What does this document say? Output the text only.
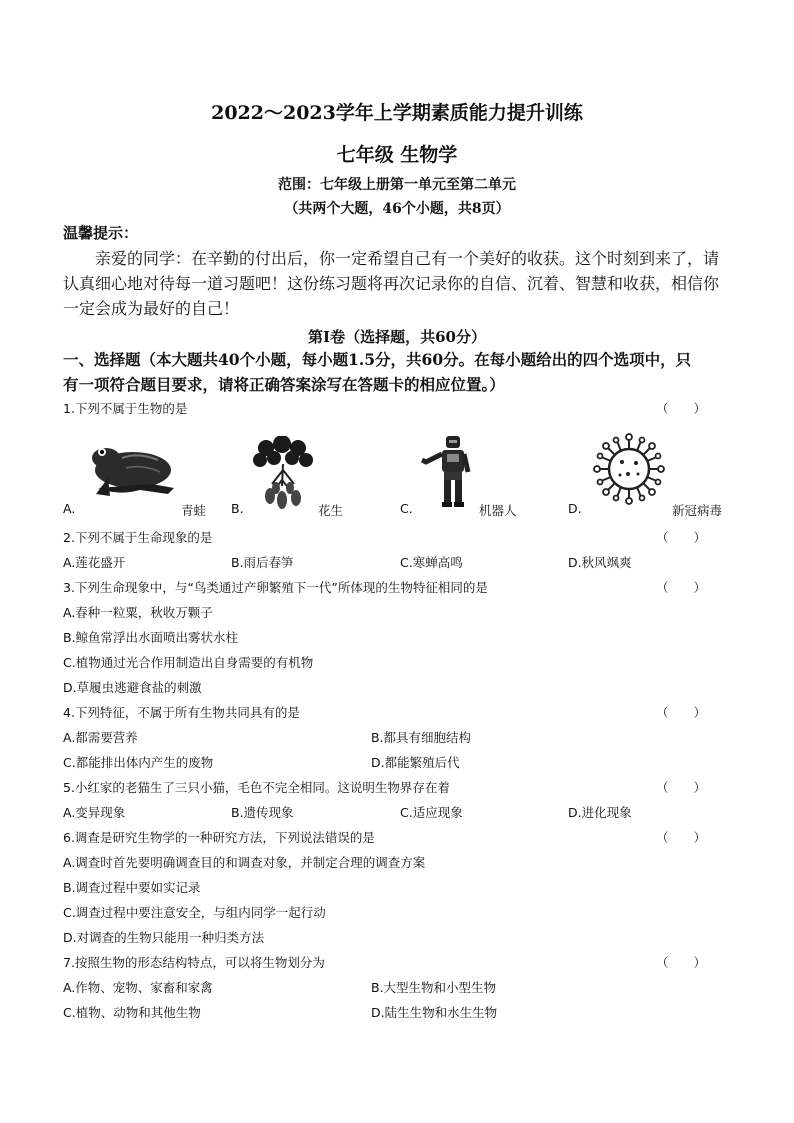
2022～2023学年上学期素质能力提升训练
七年级 生物学
范围：七年级上册第一单元至第二单元
（共两个大题，46个小题，共8页）
温馨提示：
亲爱的同学：在辛勤的付出后，你一定希望自己有一个美好的收获。这个时刻到来了，请
认真细心地对待每一道习题吧！这份练习题将再次记录你的自信、沉着、智慧和收获，相信你
一定会成为最好的自己！
第Ⅰ卷（选择题，共60分）
一、选择题（本大题共40个小题，每小题1.5分，共60分。在每小题给出的四个选项中，只
有一项符合题目要求，请将正确答案涂写在答题卡的相应位置。）
1.下列不属于生物的是	（　　）
A.	青蛙 B.	花生	C.	机器人	D.	新冠病毒
2.下列不属于生命现象的是	（　　）
A.莲花盛开	B.雨后春笋	C.寒蝉高鸣	D.秋风飒爽
3.下列生命现象中，与“鸟类通过产卵繁殖下一代”所体现的生物特征相同的是	（　　）
A.春种一粒粟，秋收万颗子
B.鲸鱼常浮出水面喷出雾状水柱
C.植物通过光合作用制造出自身需要的有机物
D.草履虫逃避食盐的刺激
4.下列特征，不属于所有生物共同具有的是	（　　）
A.都需要营养	B.都具有细胞结构
C.都能排出体内产生的废物	D.都能繁殖后代
5.小红家的老猫生了三只小猫，毛色不完全相同。这说明生物界存在着	（　　）
A.变异现象	B.遗传现象	C.适应现象	D.进化现象
6.调查是研究生物学的一种研究方法，下列说法错误的是	（　　）
A.调查时首先要明确调查目的和调查对象，并制定合理的调查方案
B.调查过程中要如实记录
C.调查过程中要注意安全，与组内同学一起行动
D.对调查的生物只能用一种归类方法
7.按照生物的形态结构特点，可以将生物划分为	（　　）
A.作物、宠物、家畜和家禽	B.大型生物和小型生物
C.植物、动物和其他生物	D.陆生生物和水生生物
